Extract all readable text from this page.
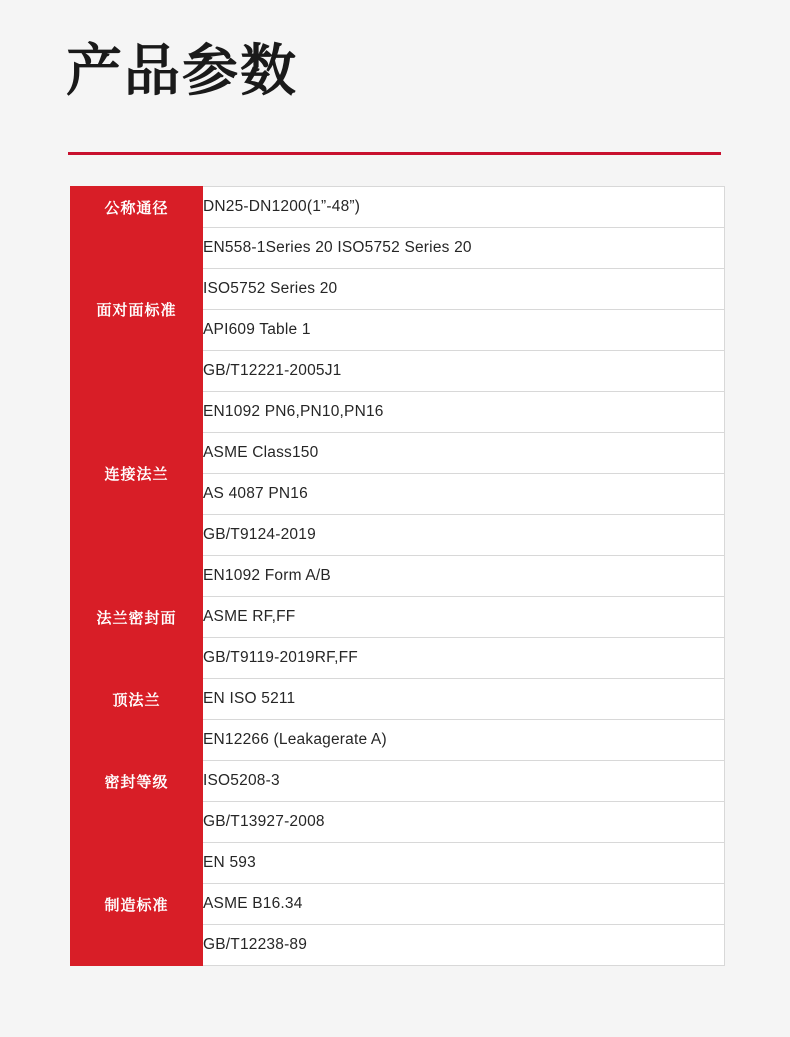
产品参数
公称通径	DN25-DN1200(1”-48”)

面对面标准	EN558-1Series 20 ISO5752 Series 20

	ISO5752 Series 20

	API609 Table 1

	GB/T12221-2005J1

连接法兰	EN1092 PN6,PN10,PN16

	ASME Class150

	AS 4087 PN16

	GB/T9124-2019

法兰密封面	EN1092 Form A/B

	ASME RF,FF

	GB/T9119-2019RF,FF

顶法兰	EN ISO 5211

密封等级	EN12266 (Leakagerate A)

	ISO5208-3

	GB/T13927-2008

制造标准	EN 593

	ASME B16.34

	GB/T12238-89
